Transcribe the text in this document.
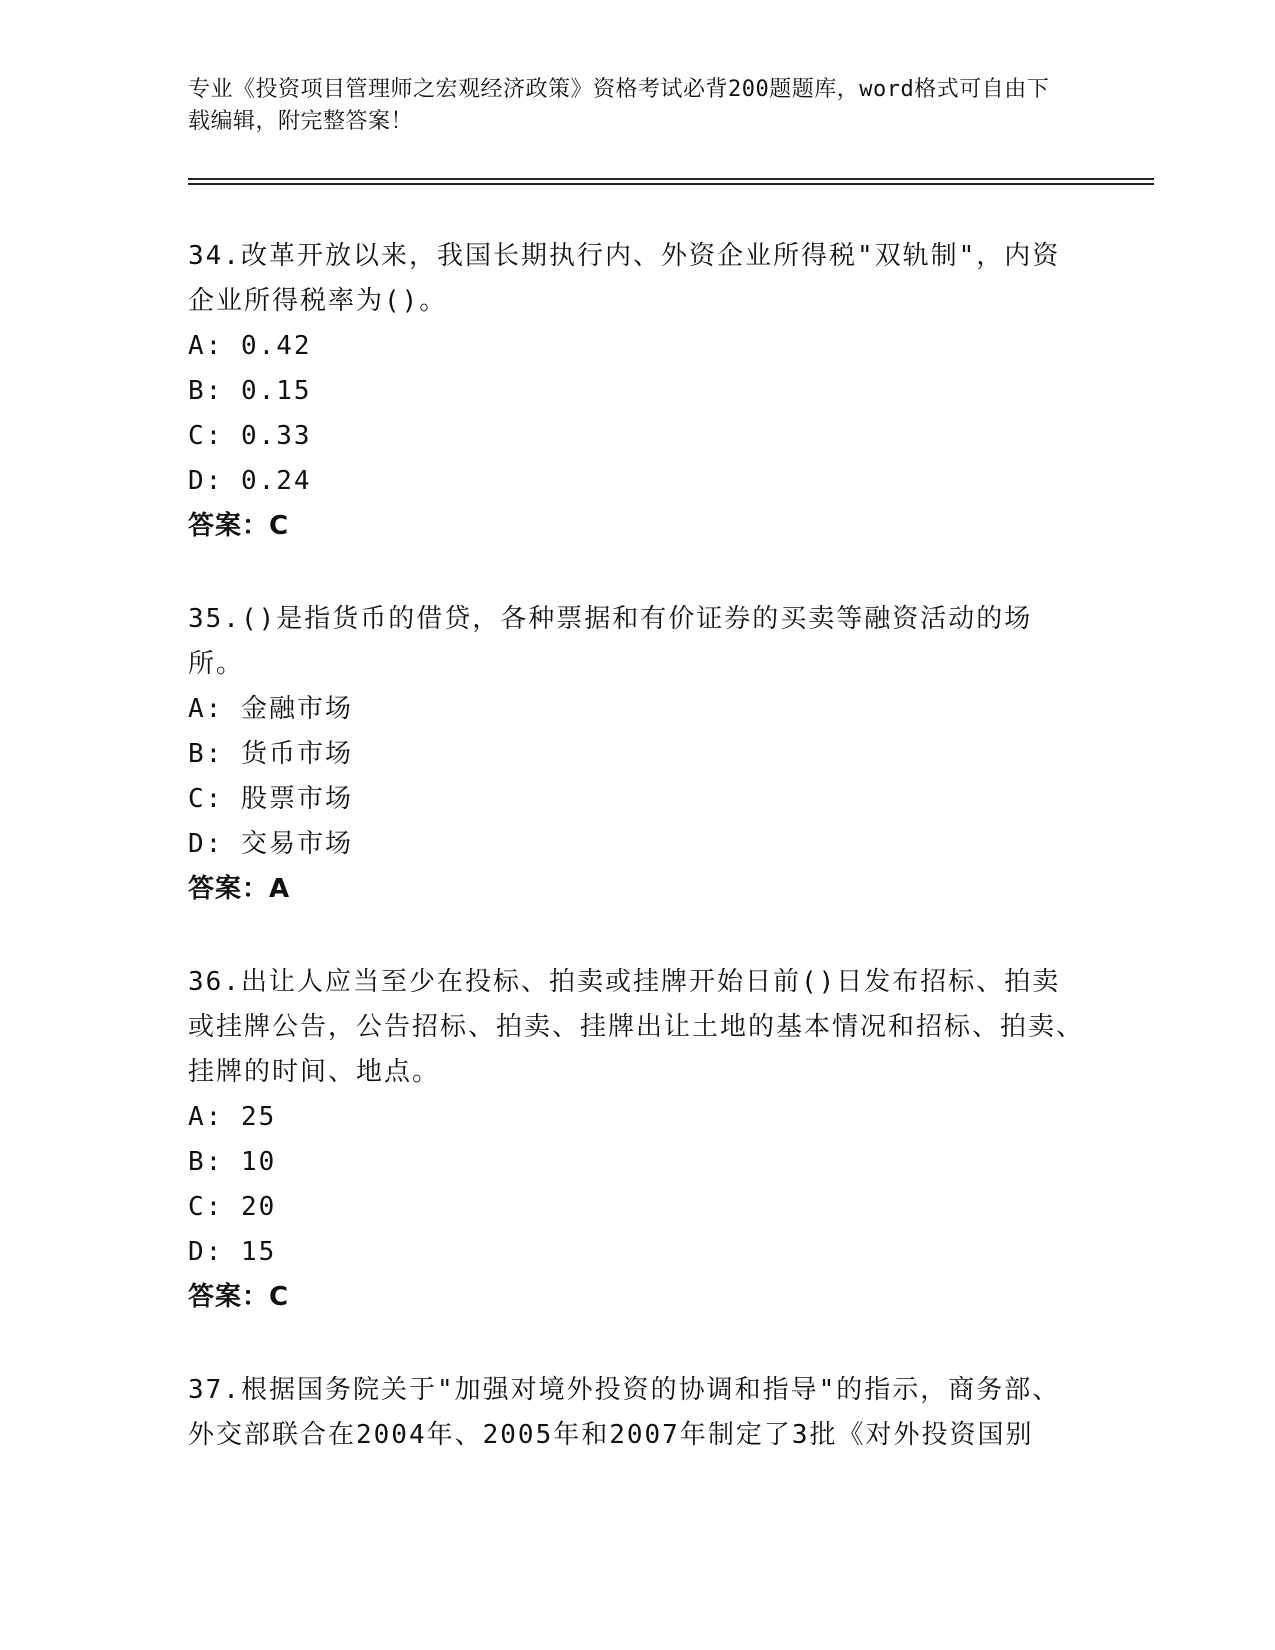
专业《投资项目管理师之宏观经济政策》资格考试必背200题题库，word格式可自由下载编辑，附完整答案！

34.改革开放以来，我国长期执行内、外资企业所得税"双轨制"，内资企业所得税率为()。

A: 0.42

B: 0.15

C: 0.33

D: 0.24

答案：C

35.()是指货币的借贷，各种票据和有价证券的买卖等融资活动的场所。

A: 金融市场

B: 货币市场

C: 股票市场

D: 交易市场

答案：A

36.出让人应当至少在投标、拍卖或挂牌开始日前()日发布招标、拍卖或挂牌公告，公告招标、拍卖、挂牌出让土地的基本情况和招标、拍卖、挂牌的时间、地点。

A: 25

B: 10

C: 20

D: 15

答案：C

37.根据国务院关于"加强对境外投资的协调和指导"的指示，商务部、外交部联合在2004年、2005年和2007年制定了3批《对外投资国别
